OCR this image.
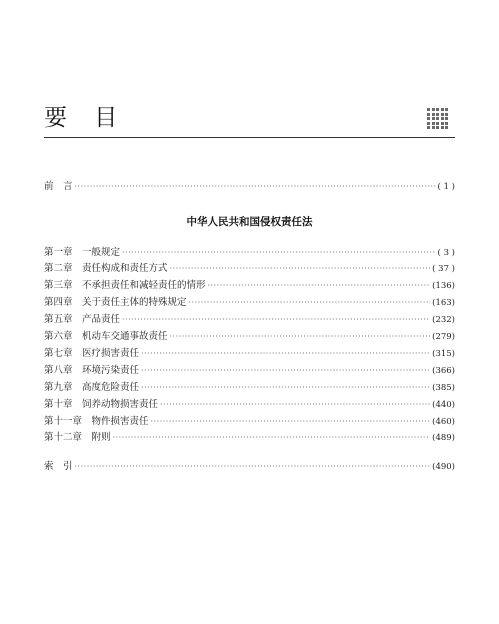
要 目
前　言 ·····	( 1 )
中华人民共和国侵权责任法
第一章　一般规定 ·····	( 3 )
第二章　责任构成和责任方式 ·····	( 37 )
第三章　不承担责任和减轻责任的情形 ·····	(136)
第四章　关于责任主体的特殊规定 ·····	(163)
第五章　产品责任 ·····	(232)
第六章　机动车交通事故责任 ·····	(279)
第七章　医疗损害责任 ·····	(315)
第八章　环境污染责任 ·····	(366)
第九章　高度危险责任 ·····	(385)
第十章　饲养动物损害责任 ·····	(440)
第十一章　物件损害责任 ·····	(460)
第十二章　附则 ·····	(489)
索　引 ·····	(490)
